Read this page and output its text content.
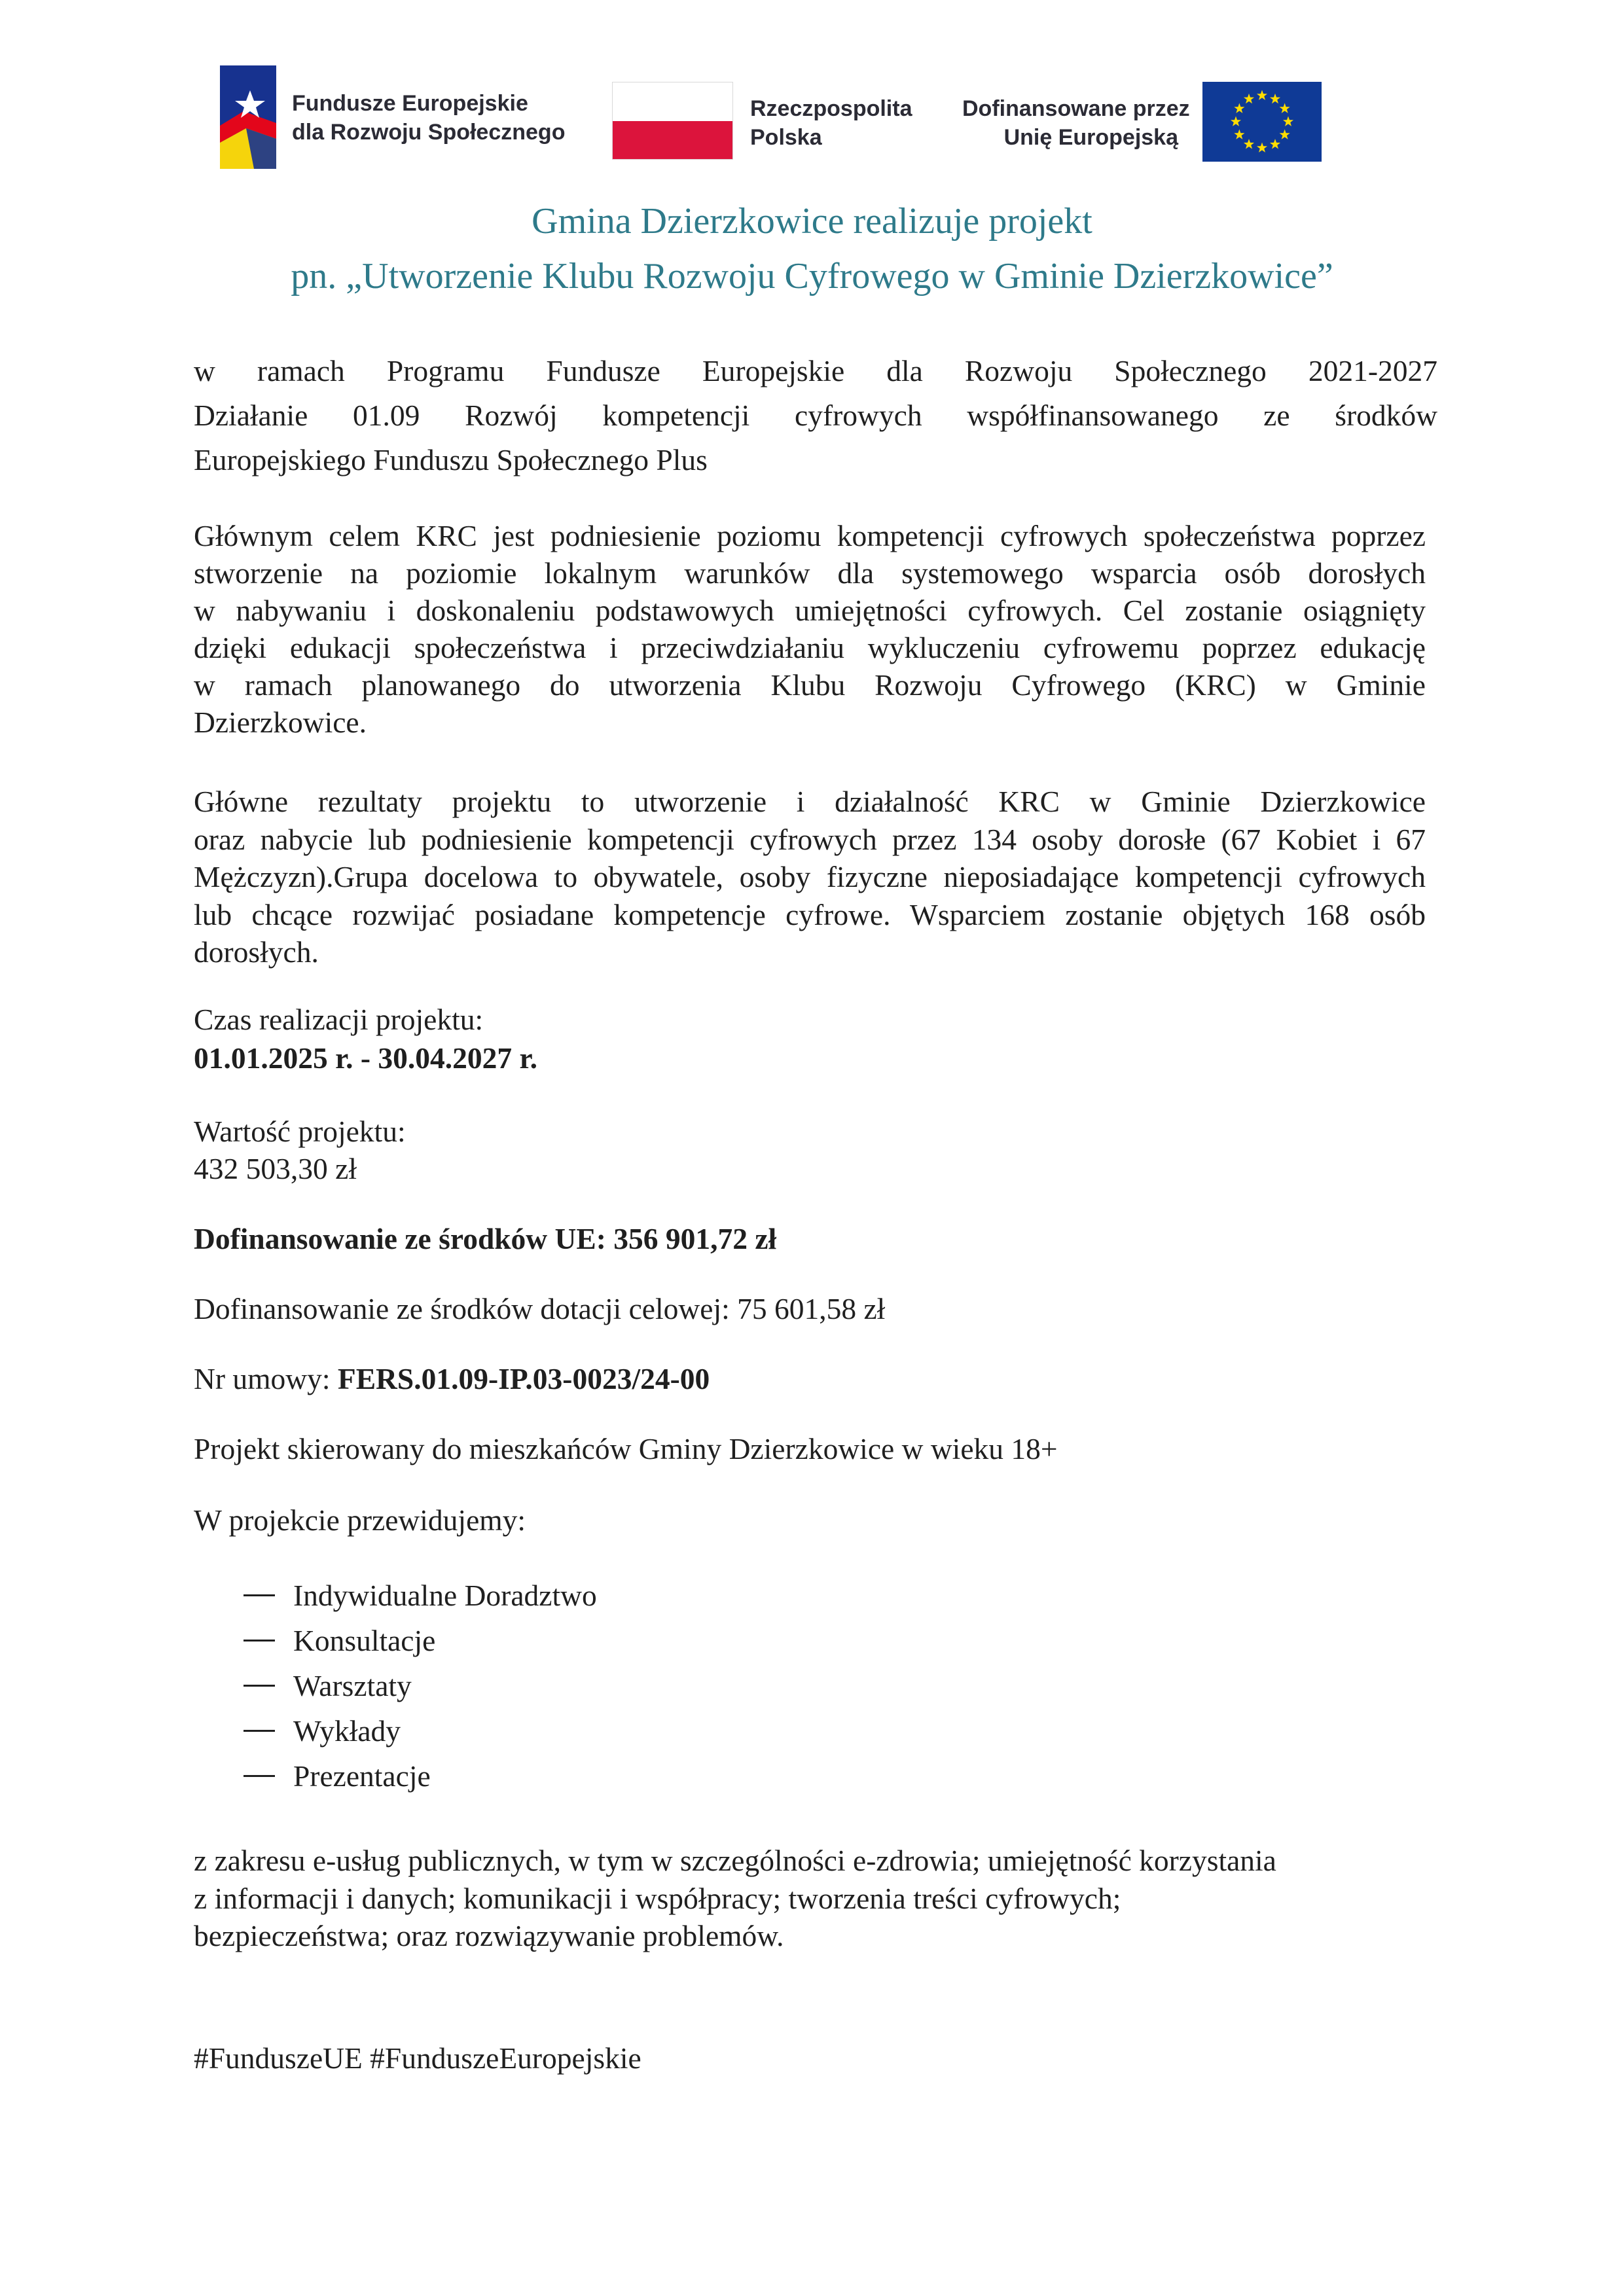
Fundusze Europejskie
dla Rozwoju Społecznego
Rzeczpospolita
Polska
Dofinansowane przez
Unię Europejską
Gmina Dzierzkowice realizuje projekt
pn. „Utworzenie Klubu Rozwoju Cyfrowego w Gminie Dzierzkowice”
w ramach Programu Fundusze Europejskie dla Rozwoju Społecznego 2021-2027
Działanie 01.09 Rozwój kompetencji cyfrowych współfinansowanego ze środków
Europejskiego Funduszu Społecznego Plus
Głównym celem KRC jest podniesienie poziomu kompetencji cyfrowych społeczeństwa poprzez
stworzenie na poziomie lokalnym warunków dla systemowego wsparcia osób dorosłych
w nabywaniu i doskonaleniu podstawowych umiejętności cyfrowych. Cel zostanie osiągnięty
dzięki edukacji społeczeństwa i przeciwdziałaniu wykluczeniu cyfrowemu poprzez edukację
w ramach planowanego do utworzenia Klubu Rozwoju Cyfrowego (KRC) w Gminie
Dzierzkowice.
Główne rezultaty projektu to utworzenie i działalność KRC w Gminie Dzierzkowice
oraz nabycie lub podniesienie kompetencji cyfrowych przez 134 osoby dorosłe (67 Kobiet i 67
Mężczyzn).Grupa docelowa to obywatele, osoby fizyczne nieposiadające kompetencji cyfrowych
lub chcące rozwijać posiadane kompetencje cyfrowe. Wsparciem zostanie objętych 168 osób
dorosłych.
Czas realizacji projektu:
01.01.2025 r. - 30.04.2027 r.
Wartość projektu:
432 503,30 zł
Dofinansowanie ze środków UE: 356 901,72 zł
Dofinansowanie ze środków dotacji celowej: 75 601,58 zł
Nr umowy: FERS.01.09-IP.03-0023/24-00
Projekt skierowany do mieszkańców Gminy Dzierzkowice w wieku 18+
W projekcie przewidujemy:
Indywidualne Doradztwo
Konsultacje
Warsztaty
Wykłady
Prezentacje
z zakresu e-usług publicznych, w tym w szczególności e-zdrowia; umiejętność korzystania
z informacji i danych; komunikacji i współpracy; tworzenia treści cyfrowych;
bezpieczeństwa; oraz rozwiązywanie problemów.
#FunduszeUE #FunduszeEuropejskie
